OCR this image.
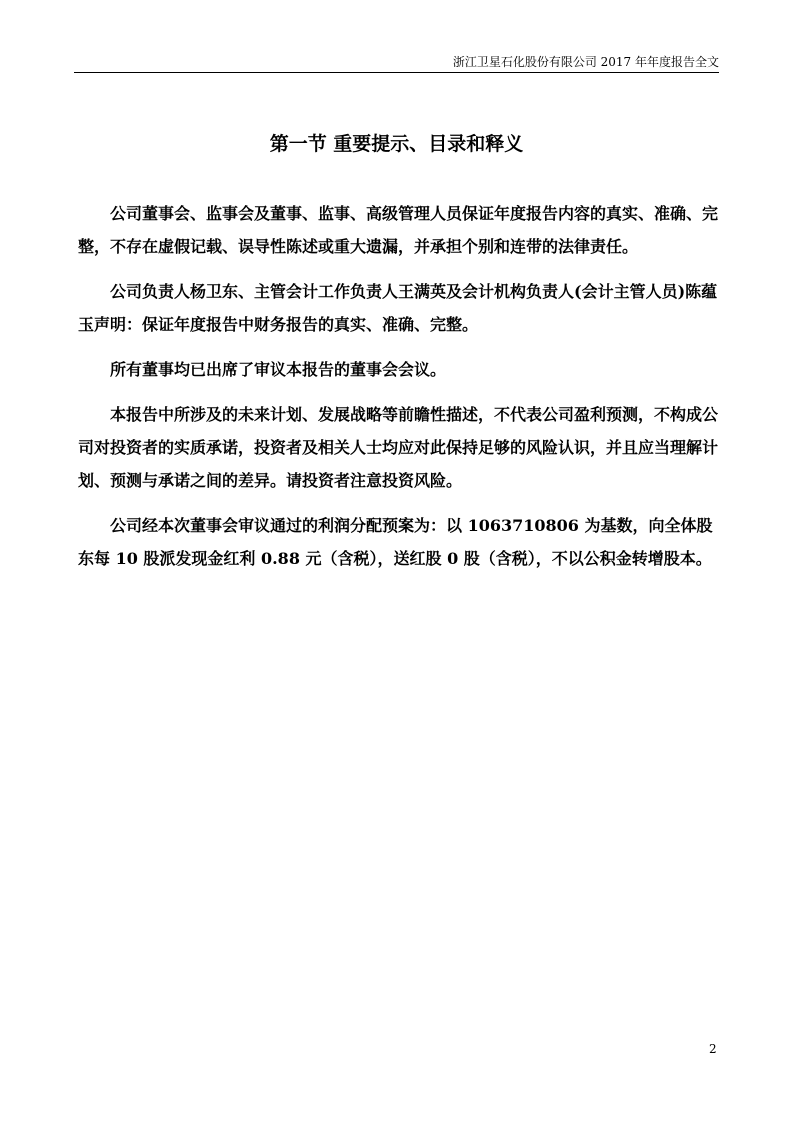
浙江卫星石化股份有限公司 2017 年年度报告全文
第一节 重要提示、目录和释义

公司董事会、监事会及董事、监事、高级管理人员保证年度报告内容的真实、准确、完整，不存在虚假记载、误导性陈述或重大遗漏，并承担个别和连带的法律责任。

公司负责人杨卫东、主管会计工作负责人王满英及会计机构负责人(会计主管人员)陈蕴玉声明：保证年度报告中财务报告的真实、准确、完整。

所有董事均已出席了审议本报告的董事会会议。

本报告中所涉及的未来计划、发展战略等前瞻性描述，不代表公司盈利预测，不构成公司对投资者的实质承诺，投资者及相关人士均应对此保持足够的风险认识，并且应当理解计划、预测与承诺之间的差异。请投资者注意投资风险。

公司经本次董事会审议通过的利润分配预案为：以 1063710806 为基数，向全体股东每 10 股派发现金红利 0.88 元（含税），送红股 0 股（含税），不以公积金转增股本。

2
